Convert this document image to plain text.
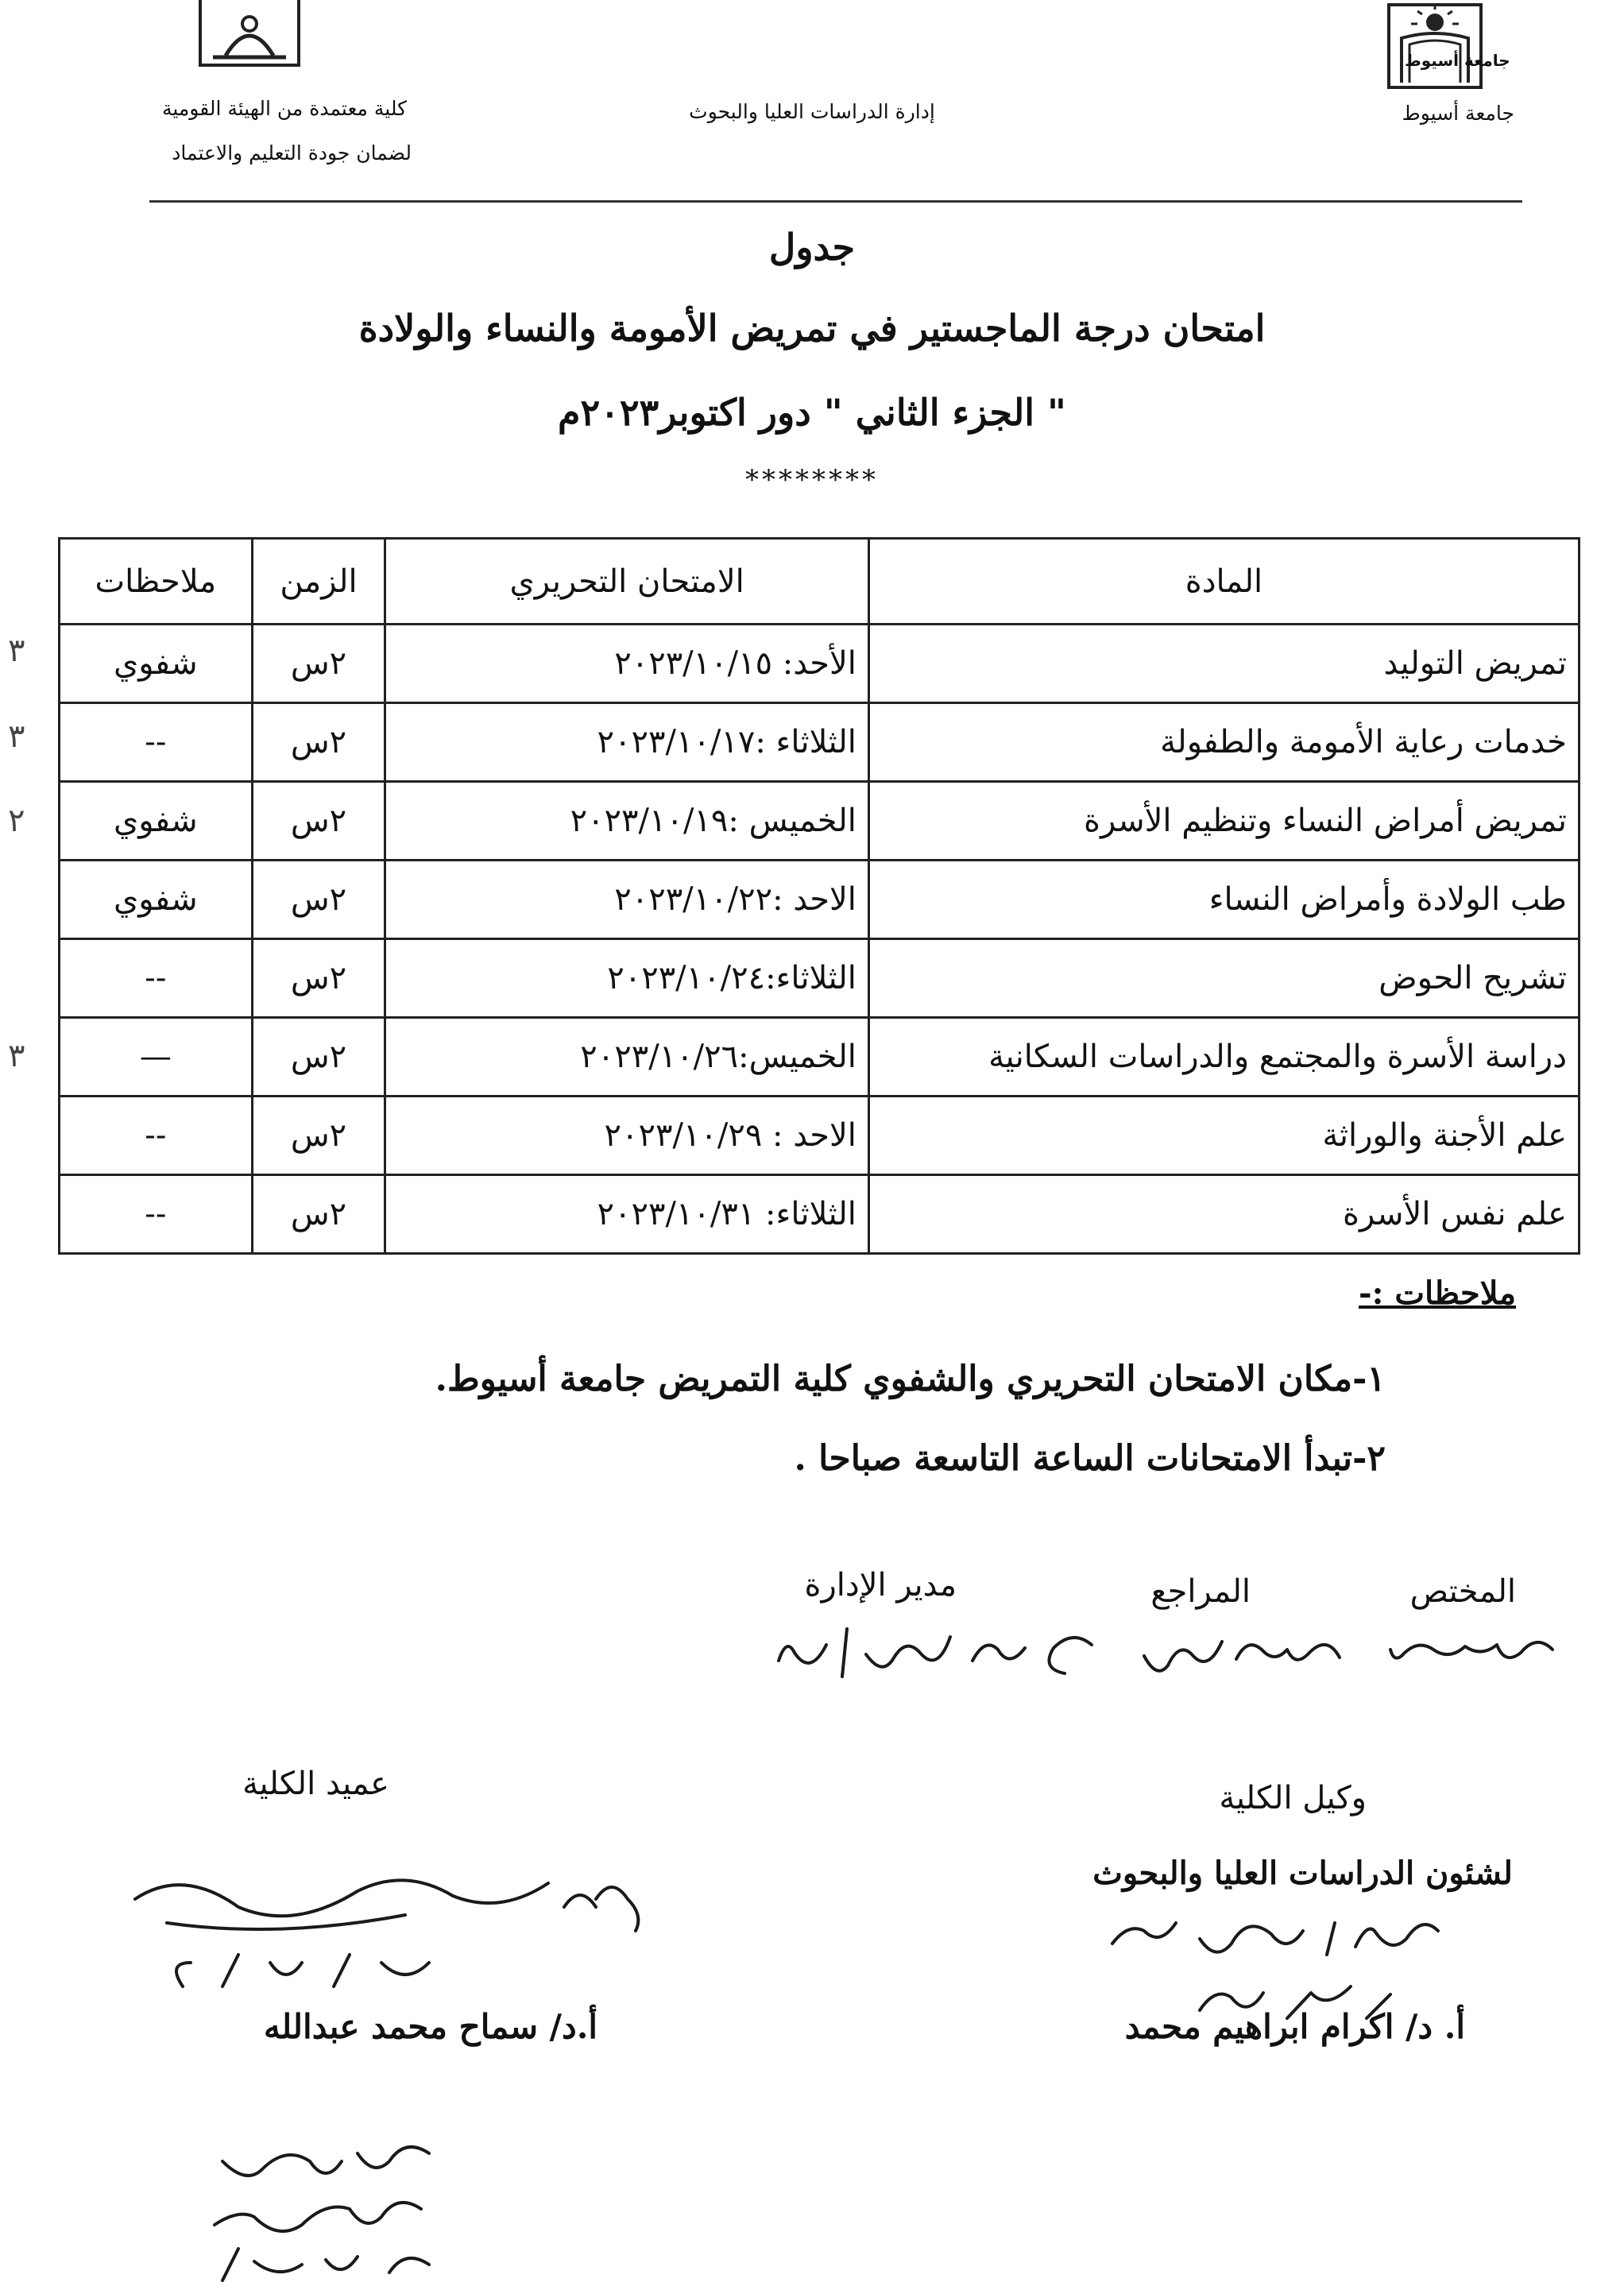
جامعة أسيوط
جامعة أسيوط
إدارة الدراسات العليا والبحوث
كلية معتمدة من الهيئة القومية
لضمان جودة التعليم والاعتماد
جدول
امتحان درجة الماجستير في تمريض الأمومة والنساء والولادة
" الجزء الثاني " دور اكتوبر٢٠٢٣م
********
المادة	الامتحان التحريري	الزمن	ملاحظات
تمريض التوليد	الأحد: ٢٠٢٣/١٠/١٥	٢س	شفوي
خدمات رعاية الأمومة والطفولة	الثلاثاء :٢٠٢٣/١٠/١٧	٢س	--
تمريض أمراض النساء وتنظيم الأسرة	الخميس :٢٠٢٣/١٠/١٩	٢س	شفوي
طب الولادة وأمراض النساء	الاحد :٢٠٢٣/١٠/٢٢	٢س	شفوي
تشريح الحوض	الثلاثاء:٢٠٢٣/١٠/٢٤	٢س	--
دراسة الأسرة والمجتمع والدراسات السكانية	الخميس:٢٠٢٣/١٠/٢٦	٢س	—
علم الأجنة والوراثة	الاحد : ٢٠٢٣/١٠/٢٩	٢س	--
علم نفس الأسرة	الثلاثاء: ٢٠٢٣/١٠/٣١	٢س	--
٣
٣
٢
٣
ملاحظات :-
١-مكان الامتحان التحريري والشفوي كلية التمريض جامعة أسيوط.
٢-تبدأ الامتحانات الساعة التاسعة صباحا .
المختص
المراجع
مدير الإدارة
وكيل الكلية
لشئون الدراسات العليا والبحوث
أ. د/ اكرام ابراهيم محمد
عميد الكلية
أ.د/ سماح محمد عبدالله
